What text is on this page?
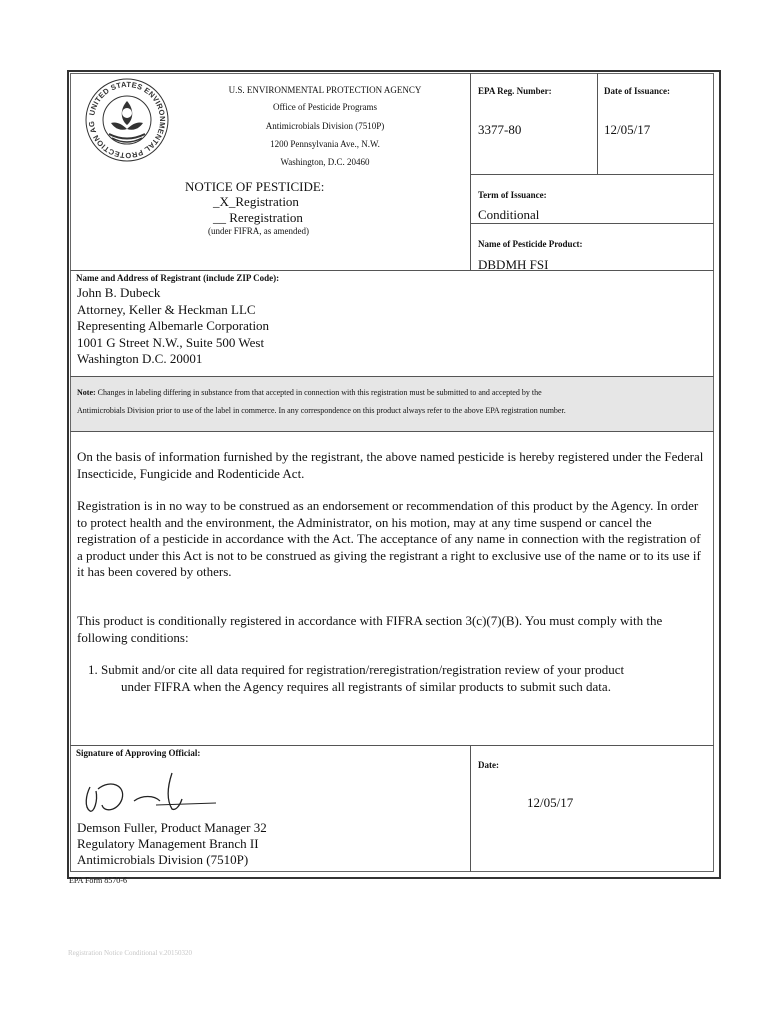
UNITED STATES ENVIRONMENTAL PROTECTION AG
U.S. ENVIRONMENTAL PROTECTION AGENCY
Office of Pesticide Programs
Antimicrobials Division (7510P)
1200 Pennsylvania Ave., N.W.
Washington, D.C. 20460
EPA Reg. Number:
3377-80
Date of Issuance:
12/05/17
NOTICE OF PESTICIDE:
_X_Registration
__ Reregistration
(under FIFRA, as amended)
Term of Issuance:
Conditional
Name of Pesticide Product:
DBDMH FSI
Name and Address of Registrant (include ZIP Code):
John B. Dubeck
Attorney, Keller & Heckman LLC
Representing Albemarle Corporation
1001 G Street N.W., Suite 500 West
Washington D.C. 20001
Note: Changes in labeling differing in substance from that accepted in connection with this registration must be submitted to and accepted by the
Antimicrobials Division prior to use of the label in commerce. In any correspondence on this product always refer to the above EPA registration number.
On the basis of information furnished by the registrant, the above named pesticide is hereby registered under the Federal Insecticide, Fungicide and Rodenticide Act.
Registration is in no way to be construed as an endorsement or recommendation of this product by the Agency. In order to protect health and the environment, the Administrator, on his motion, may at any time suspend or cancel the registration of a pesticide in accordance with the Act. The acceptance of any name in connection with the registration of a product under this Act is not to be construed as giving the registrant a right to exclusive use of the name or to its use if it has been covered by others.
This product is conditionally registered in accordance with FIFRA section 3(c)(7)(B). You must comply with the following conditions:
1. Submit and/or cite all data required for registration/reregistration/registration review of your product
under FIFRA when the Agency requires all registrants of similar products to submit such data.
Signature of Approving Official:
Demson Fuller, Product Manager 32
Regulatory Management Branch II
Antimicrobials Division (7510P)
Date:
12/05/17
EPA Form 8570-6
Registration Notice Conditional v.20150320
